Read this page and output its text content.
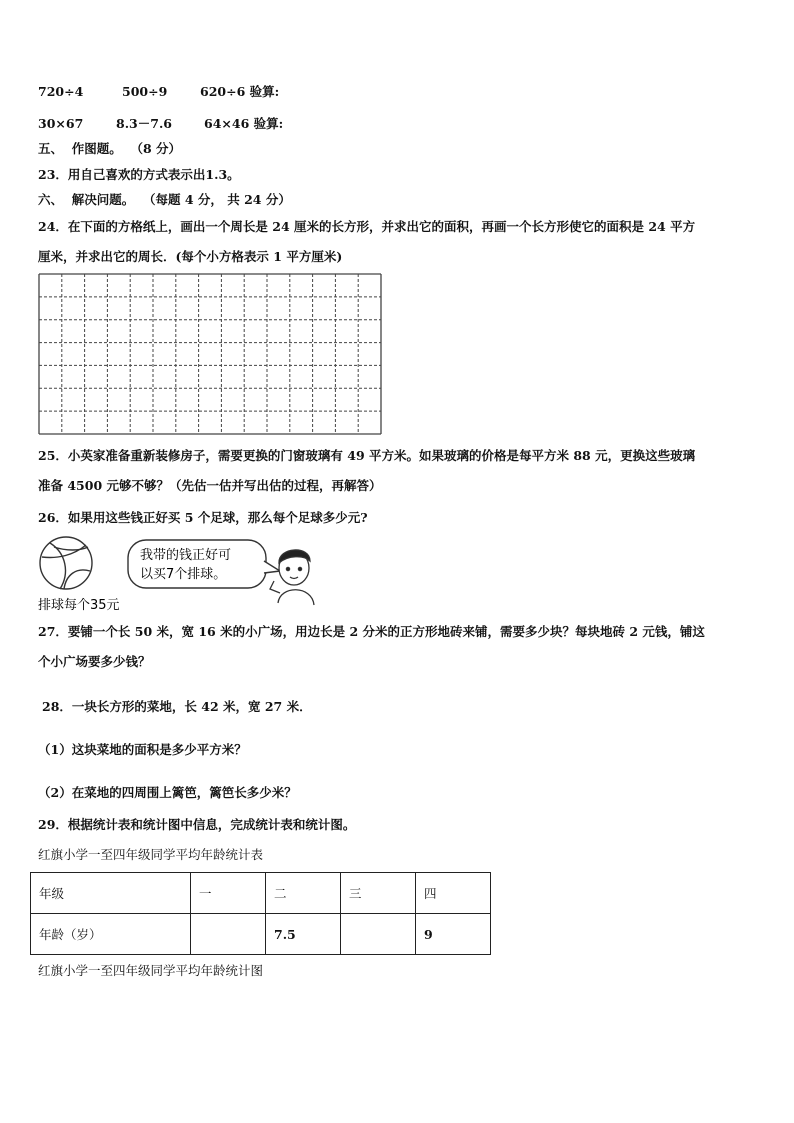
720÷4	500÷9	620÷6 验算:
30×67	8.3－7.6	64×46 验算:
五、 作图题。 （8 分）
23．用自己喜欢的方式表示出1.3。
六、 解决问题。 （每题 4 分， 共 24 分）
24．在下面的方格纸上，画出一个周长是 24 厘米的长方形，并求出它的面积，再画一个长方形使它的面积是 24 平方
厘米，并求出它的周长．(每个小方格表示 1 平方厘米)
25．小英家准备重新装修房子，需要更换的门窗玻璃有 49 平方米。如果玻璃的价格是每平方米 88 元，更换这些玻璃
准备 4500 元够不够？（先估一估并写出估的过程，再解答）
26．如果用这些钱正好买 5 个足球，那么每个足球多少元?
我带的钱正好可
以买7个排球。
排球每个35元
27．要铺一个长 50 米，宽 16 米的小广场，用边长是 2 分米的正方形地砖来铺，需要多少块？每块地砖 2 元钱，铺这
个小广场要多少钱？
28．一块长方形的菜地，长 42 米，宽 27 米．
（1）这块菜地的面积是多少平方米？
（2）在菜地的四周围上篱笆，篱笆长多少米？
29．根据统计表和统计图中信息，完成统计表和统计图。
红旗小学一至四年级同学平均年龄统计表
年级	一	二	三	四
年龄（岁）		7.5		9
红旗小学一至四年级同学平均年龄统计图
